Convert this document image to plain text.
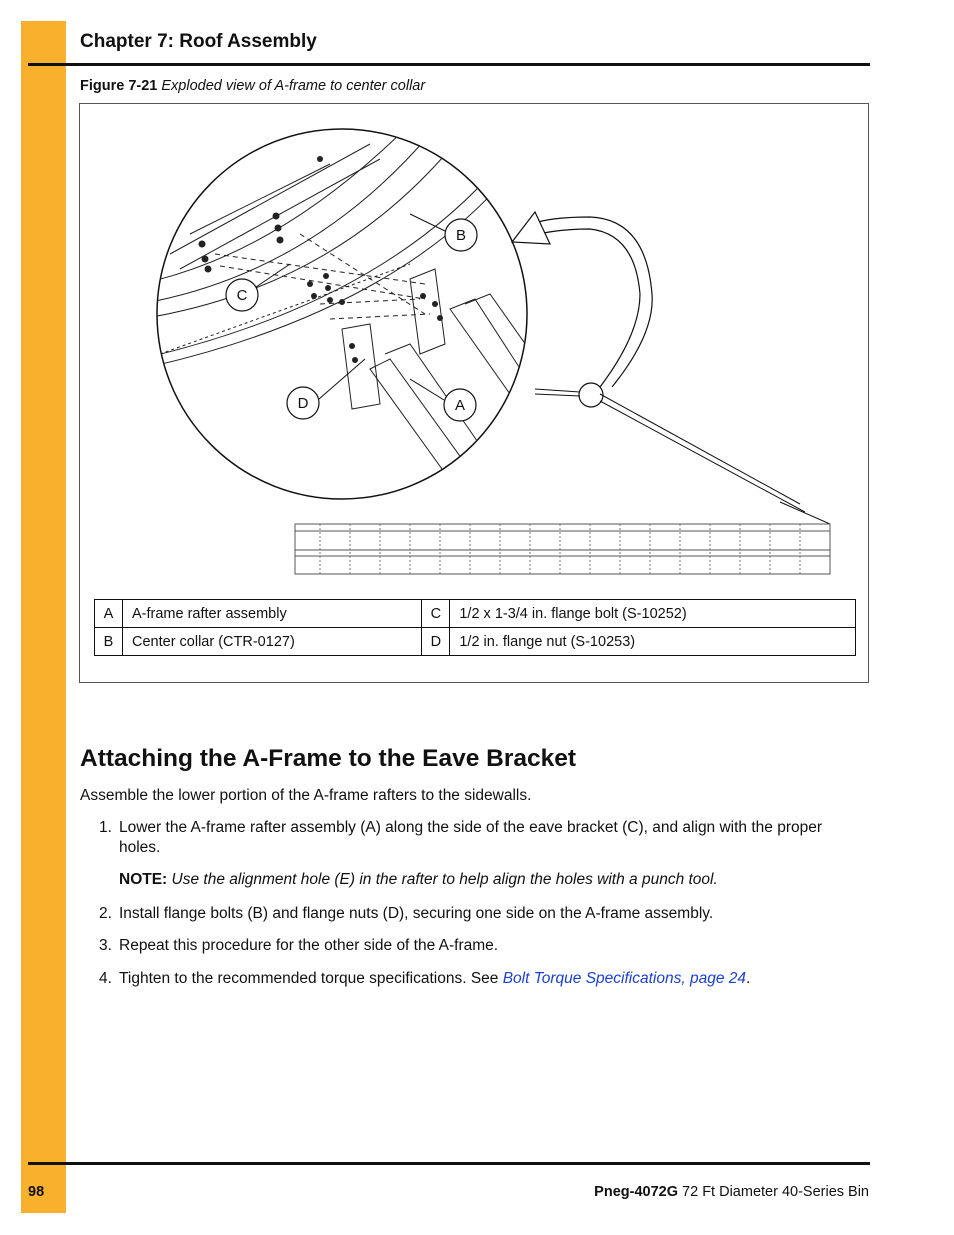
Chapter 7: Roof Assembly
Figure 7-21 Exploded view of A-frame to center collar
B
C
D	A
A	A-frame rafter assembly	C	1/2 x 1-3/4 in. flange bolt (S-10252)
B	Center collar (CTR-0127)	D	1/2 in. flange nut (S-10253)
Attaching the A-Frame to the Eave Bracket
Assemble the lower portion of the A-frame rafters to the sidewalls.
1. Lower the A-frame rafter assembly (A) along the side of the eave bracket (C), and align with the proper holes.
NOTE: Use the alignment hole (E) in the rafter to help align the holes with a punch tool.
2. Install flange bolts (B) and flange nuts (D), securing one side on the A-frame assembly.
3. Repeat this procedure for the other side of the A-frame.
4. Tighten to the recommended torque specifications. See Bolt Torque Specifications, page 24.
98	Pneg-4072G 72 Ft Diameter 40-Series Bin
